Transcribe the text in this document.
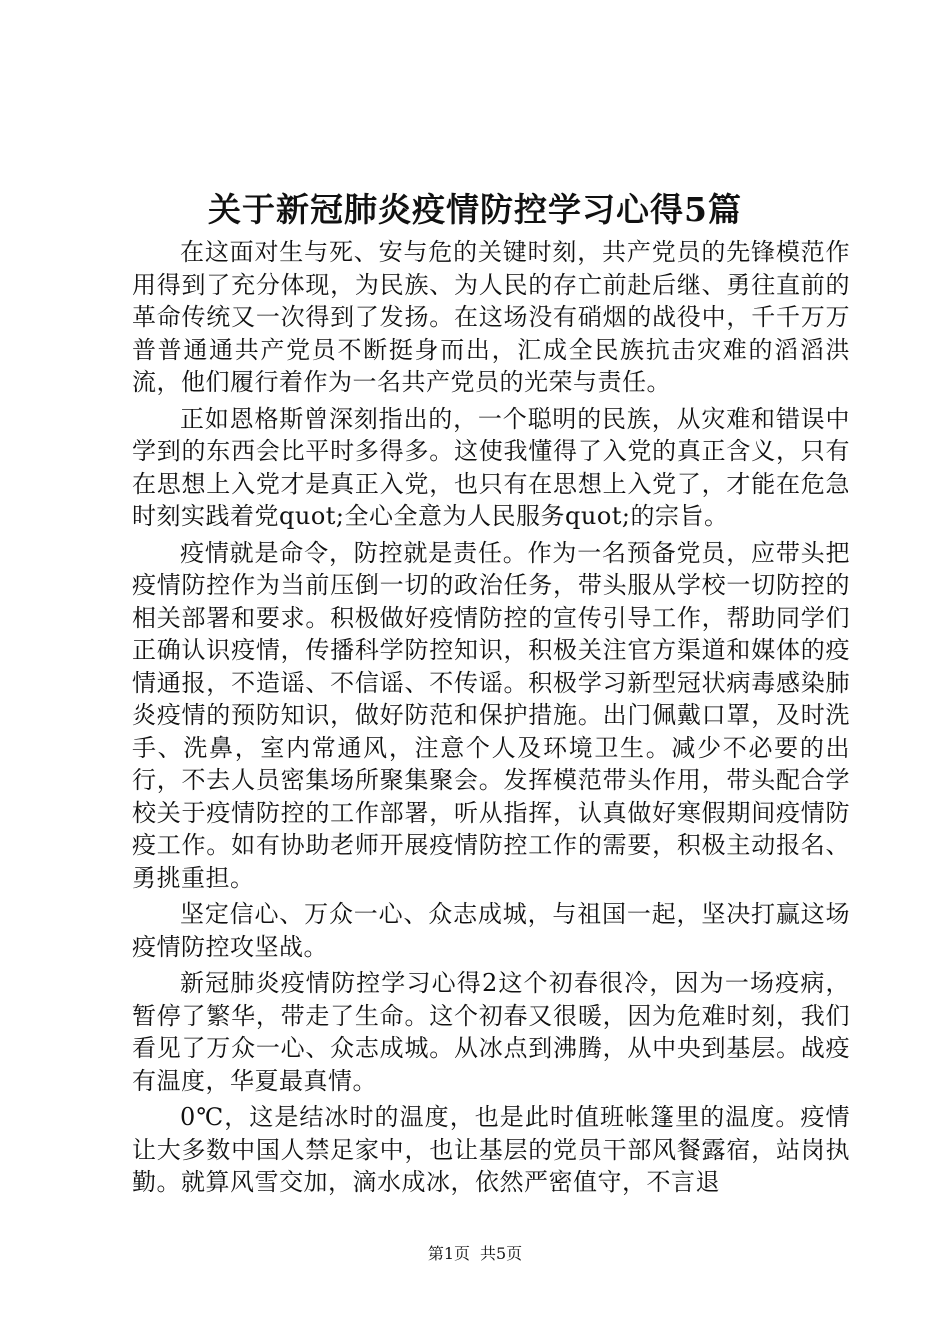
关于新冠肺炎疫情防控学习心得5篇

在这面对生与死、安与危的关键时刻，共产党员的先锋模范作用得到了充分体现，为民族、为人民的存亡前赴后继、勇往直前的革命传统又一次得到了发扬。在这场没有硝烟的战役中，千千万万普普通通共产党员不断挺身而出，汇成全民族抗击灾难的滔滔洪流，他们履行着作为一名共产党员的光荣与责任。

正如恩格斯曾深刻指出的，一个聪明的民族，从灾难和错误中学到的东西会比平时多得多。这使我懂得了入党的真正含义，只有在思想上入党才是真正入党，也只有在思想上入党了，才能在危急时刻实践着党quot;全心全意为人民服务quot;的宗旨。

疫情就是命令，防控就是责任。作为一名预备党员，应带头把疫情防控作为当前压倒一切的政治任务，带头服从学校一切防控的相关部署和要求。积极做好疫情防控的宣传引导工作，帮助同学们正确认识疫情，传播科学防控知识，积极关注官方渠道和媒体的疫情通报，不造谣、不信谣、不传谣。积极学习新型冠状病毒感染肺炎疫情的预防知识，做好防范和保护措施。出门佩戴口罩，及时洗手、洗鼻，室内常通风，注意个人及环境卫生。减少不必要的出行，不去人员密集场所聚集聚会。发挥模范带头作用，带头配合学校关于疫情防控的工作部署，听从指挥，认真做好寒假期间疫情防疫工作。如有协助老师开展疫情防控工作的需要，积极主动报名、勇挑重担。

坚定信心、万众一心、众志成城，与祖国一起，坚决打赢这场疫情防控攻坚战。

新冠肺炎疫情防控学习心得2这个初春很冷，因为一场疫病，暂停了繁华，带走了生命。这个初春又很暖，因为危难时刻，我们看见了万众一心、众志成城。从冰点到沸腾，从中央到基层。战疫有温度，华夏最真情。

0℃，这是结冰时的温度，也是此时值班帐篷里的温度。疫情让大多数中国人禁足家中，也让基层的党员干部风餐露宿，站岗执勤。就算风雪交加，滴水成冰，依然严密值守，不言退

第1页 共5页
